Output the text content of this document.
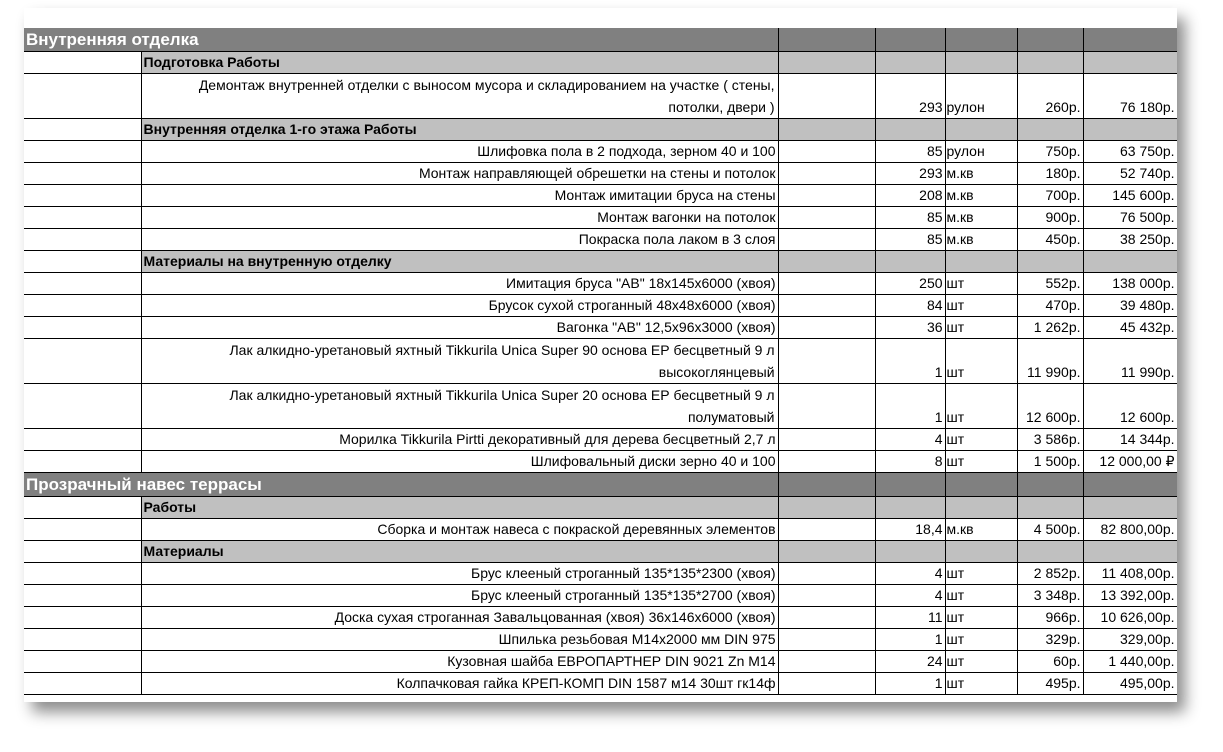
Внутренняя отделка						
	Подготовка Работы					
	Демонтаж внутренней отделки с выносом мусора и складированием на участке ( стены, потолки, двери )		293	рулон	260р.	76 180р.
	Внутренняя отделка 1-го этажа Работы					
	Шлифовка пола в 2 подхода, зерном 40 и 100		85	рулон	750р.	63 750р.
	Монтаж направляющей обрешетки на стены и потолок		293	м.кв	180р.	52 740р.
	Монтаж имитации бруса на стены		208	м.кв	700р.	145 600р.
	Монтаж вагонки на потолок		85	м.кв	900р.	76 500р.
	Покраска пола лаком в 3 слоя		85	м.кв	450р.	38 250р.
	Материалы на внутренную отделку					
	Имитация бруса "АВ" 18х145х6000 (хвоя)		250	шт	552р.	138 000р.
	Брусок сухой строганный 48х48х6000 (хвоя)		84	шт	470р.	39 480р.
	Вагонка "АВ" 12,5х96х3000 (хвоя)		36	шт	1 262р.	45 432р.
	Лак алкидно-уретановый яхтный Tikkurila Unica Super 90 основа ЕР бесцветный 9 л высокоглянцевый		1	шт	11 990р.	11 990р.
	Лак алкидно-уретановый яхтный Tikkurila Unica Super 20 основа ЕР бесцветный 9 л полуматовый		1	шт	12 600р.	12 600р.
	Морилка Tikkurila Pirtti декоративный для дерева бесцветный 2,7 л		4	шт	3 586р.	14 344р.
	Шлифовальный диски зерно 40 и 100		8	шт	1 500р.	12 000,00 ₽
Прозрачный навес террасы						
	Работы					
	Сборка и монтаж навеса с покраской деревянных элементов		18,4	м.кв	4 500р.	82 800,00р.
	Материалы					
	Брус клееный строганный 135*135*2300 (хвоя)		4	шт	2 852р.	11 408,00р.
	Брус клееный строганный 135*135*2700 (хвоя)		4	шт	3 348р.	13 392,00р.
	Доска сухая строганная Завальцованная (хвоя) 36х146х6000 (хвоя)		11	шт	966р.	10 626,00р.
	Шпилька резьбовая М14х2000 мм DIN 975		1	шт	329р.	329,00р.
	Кузовная шайба ЕВРОПАРТНЕР DIN 9021 Zn М14		24	шт	60р.	1 440,00р.
	Колпачковая гайка КРЕП-КОМП DIN 1587 м14 30шт гк14ф		1	шт	495р.	495,00р.
